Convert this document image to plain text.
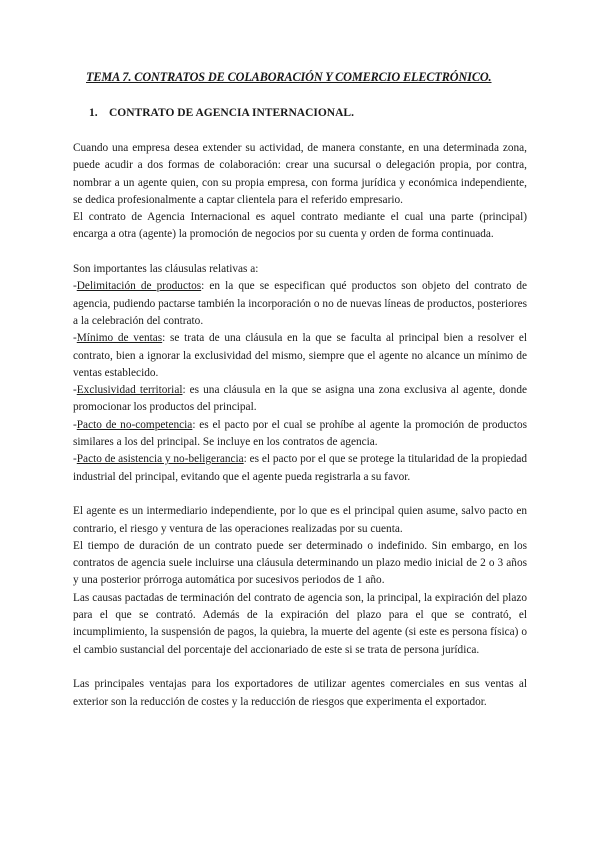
TEMA 7. CONTRATOS DE COLABORACIÓN Y COMERCIO ELECTRÓNICO.
1. CONTRATO DE AGENCIA INTERNACIONAL.

Cuando una empresa desea extender su actividad, de manera constante, en una determinada zona, puede acudir a dos formas de colaboración: crear una sucursal o delegación propia, por contra, nombrar a un agente quien, con su propia empresa, con forma jurídica y económica independiente, se dedica profesionalmente a captar clientela para el referido empresario.

El contrato de Agencia Internacional es aquel contrato mediante el cual una parte (principal) encarga a otra (agente) la promoción de negocios por su cuenta y orden de forma continuada.

Son importantes las cláusulas relativas a:

-Delimitación de productos: en la que se especifican qué productos son objeto del contrato de agencia, pudiendo pactarse también la incorporación o no de nuevas líneas de productos, posteriores a la celebración del contrato.

-Mínimo de ventas: se trata de una cláusula en la que se faculta al principal bien a resolver el contrato, bien a ignorar la exclusividad del mismo, siempre que el agente no alcance un mínimo de ventas establecido.

-Exclusividad territorial: es una cláusula en la que se asigna una zona exclusiva al agente, donde promocionar los productos del principal.

-Pacto de no-competencia: es el pacto por el cual se prohíbe al agente la promoción de productos similares a los del principal. Se incluye en los contratos de agencia.

-Pacto de asistencia y no-beligerancia: es el pacto por el que se protege la titularidad de la propiedad industrial del principal, evitando que el agente pueda registrarla a su favor.

El agente es un intermediario independiente, por lo que es el principal quien asume, salvo pacto en contrario, el riesgo y ventura de las operaciones realizadas por su cuenta.

El tiempo de duración de un contrato puede ser determinado o indefinido. Sin embargo, en los contratos de agencia suele incluirse una cláusula determinando un plazo medio inicial de 2 o 3 años y una posterior prórroga automática por sucesivos periodos de 1 año.

Las causas pactadas de terminación del contrato de agencia son, la principal, la expiración del plazo para el que se contrató. Además de la expiración del plazo para el que se contrató, el incumplimiento, la suspensión de pagos, la quiebra, la muerte del agente (si este es persona física) o el cambio sustancial del porcentaje del accionariado de este si se trata de persona jurídica.

Las principales ventajas para los exportadores de utilizar agentes comerciales en sus ventas al exterior son la reducción de costes y la reducción de riesgos que experimenta el exportador.
